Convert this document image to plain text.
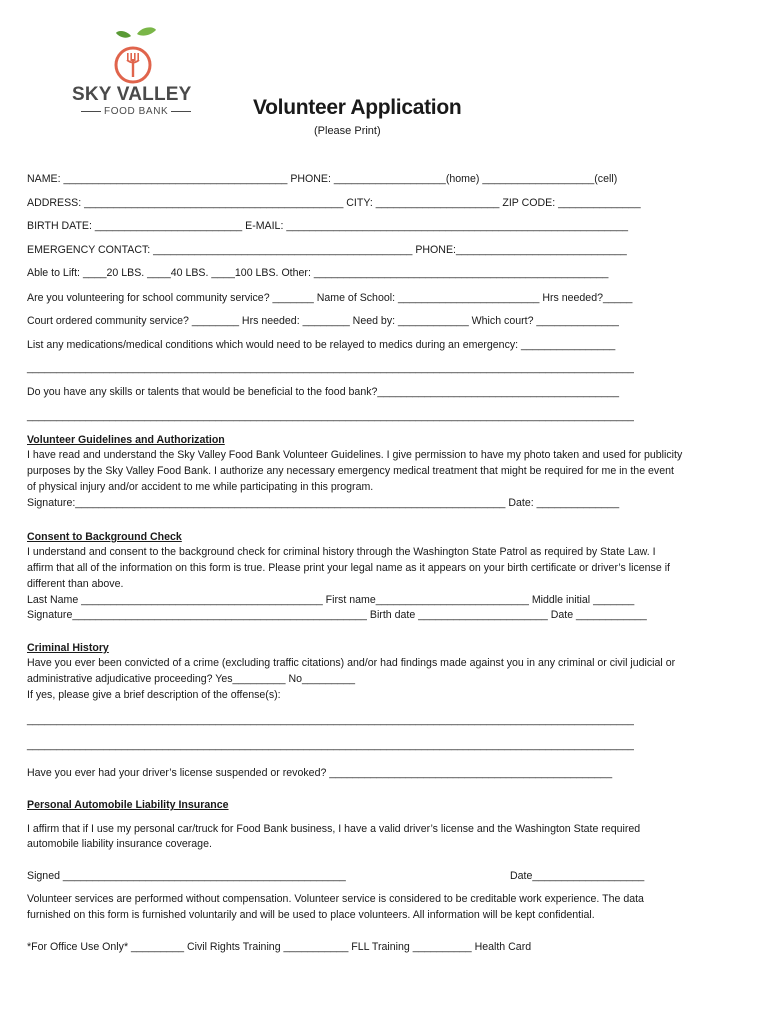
SKY VALLEY
FOOD BANK	Volunteer Application
(Please Print)
NAME: ______________________________________ PHONE: ___________________(home) ___________________(cell)
ADDRESS: ____________________________________________ CITY: _____________________ ZIP CODE: ______________
BIRTH DATE: _________________________ E-MAIL: __________________________________________________________
EMERGENCY CONTACT: ____________________________________________ PHONE:_____________________________
Able to Lift: ____20 LBS. ____40 LBS. ____100 LBS. Other: __________________________________________________
Are you volunteering for school community service? _______ Name of School: ________________________ Hrs needed?_____
Court ordered community service? ________ Hrs needed: ________ Need by: ____________ Which court? ______________
List any medications/medical conditions which would need to be relayed to medics during an emergency: ________________
_______________________________________________________________________________________________________
Do you have any skills or talents that would be beneficial to the food bank?_________________________________________
_______________________________________________________________________________________________________
Volunteer Guidelines and Authorization
I have read and understand the Sky Valley Food Bank Volunteer Guidelines. I give permission to have my photo taken and used for publicity
purposes by the Sky Valley Food Bank. I authorize any necessary emergency medical treatment that might be required for me in the event
of physical injury and/or accident to me while participating in this program.
Signature:_________________________________________________________________________ Date: ______________
Consent to Background Check
I understand and consent to the background check for criminal history through the Washington State Patrol as required by State Law. I
affirm that all of the information on this form is true. Please print your legal name as it appears on your birth certificate or driver’s license if
different than above.
Last Name _________________________________________ First name__________________________ Middle initial _______
Signature__________________________________________________ Birth date ______________________ Date ____________
Criminal History
Have you ever been convicted of a crime (excluding traffic citations) and/or had findings made against you in any criminal or civil judicial or
administrative adjudicative proceeding? Yes_________ No_________
If yes, please give a brief description of the offense(s):
_______________________________________________________________________________________________________
_______________________________________________________________________________________________________
Have you ever had your driver’s license suspended or revoked? ________________________________________________
Personal Automobile Liability Insurance
I affirm that if I use my personal car/truck for Food Bank business, I have a valid driver’s license and the Washington State required
automobile liability insurance coverage.
Signed ________________________________________________	Date___________________
Volunteer services are performed without compensation. Volunteer service is considered to be creditable work experience. The data
furnished on this form is furnished voluntarily and will be used to place volunteers. All information will be kept confidential.
*For Office Use Only* _________ Civil Rights Training ___________ FLL Training __________ Health Card
